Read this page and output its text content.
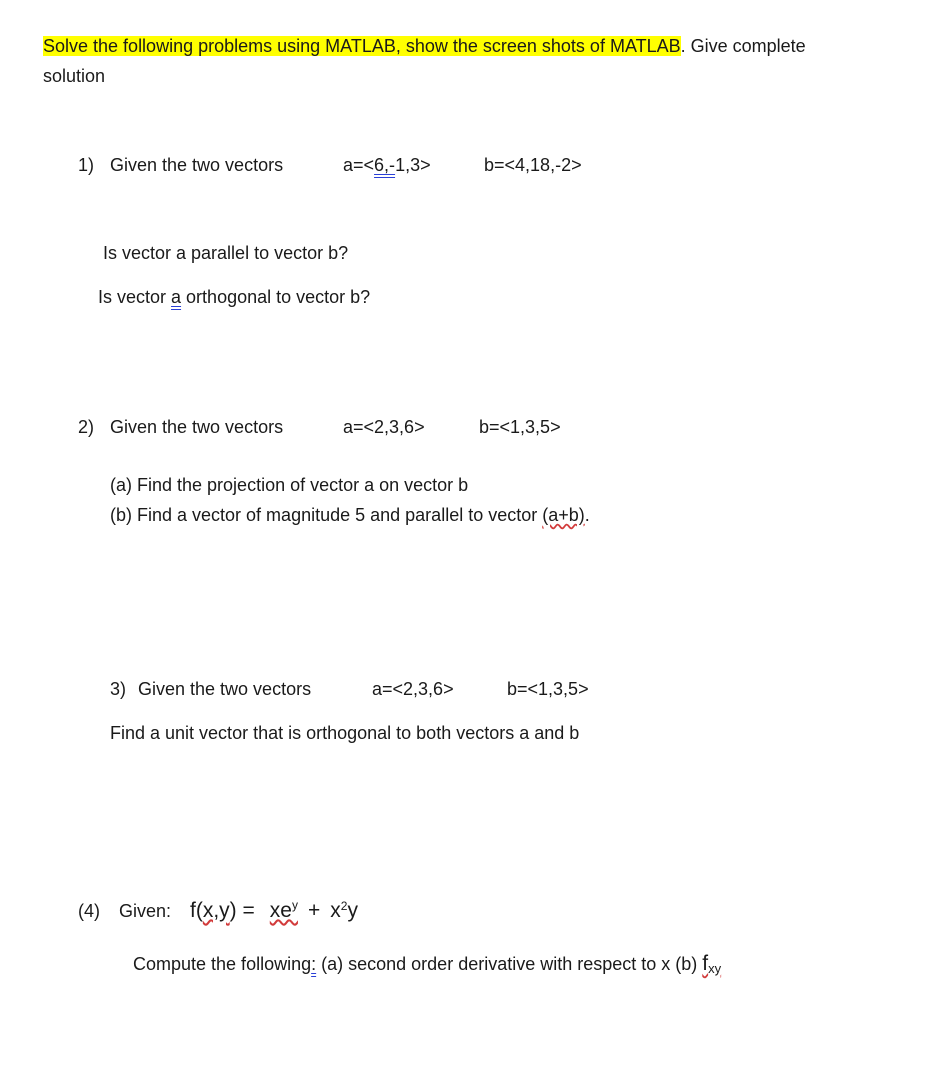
Solve the following problems using MATLAB, show the screen shots of MATLAB. Give complete
solution
1) Given the two vectors	a=<6,-1,3>	b=<4,18,-2>
Is vector a parallel to vector b?
Is vector a orthogonal to vector b?
2) Given the two vectors	a=<2,3,6>	b=<1,3,5>
(a) Find the projection of vector a on vector b
(b) Find a vector of magnitude 5 and parallel to vector (a+b).
3) Given the two vectors	a=<2,3,6>	b=<1,3,5>
Find a unit vector that is orthogonal to both vectors a and b
(4) Given: $f(x,y) = xe^y + x^2y$
Compute the following: (a) second order derivative with respect to x (b) $f_{xy}$
